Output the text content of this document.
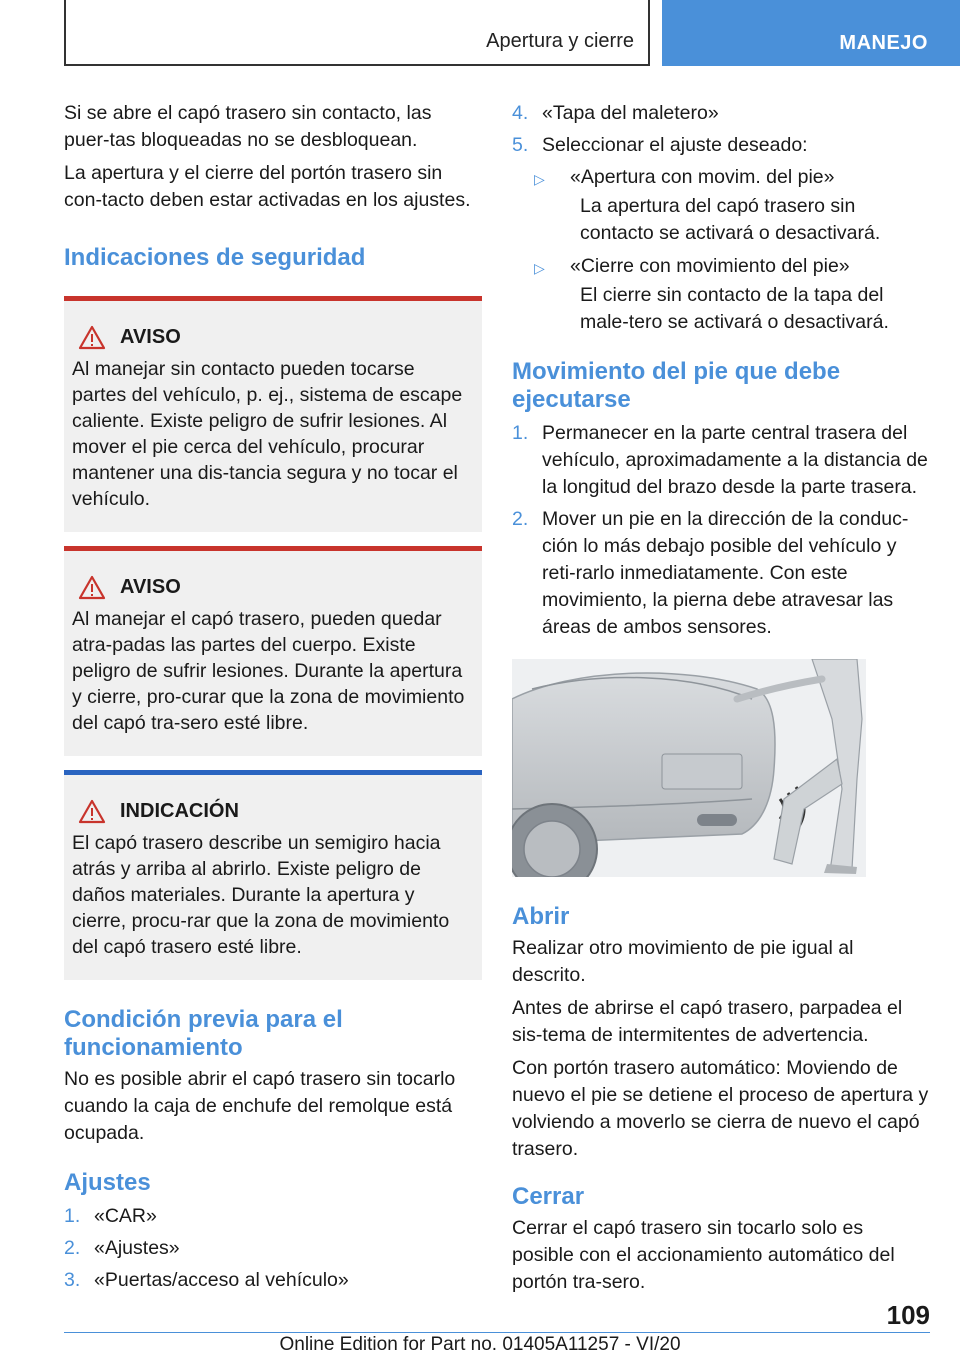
Apertura y cierre	MANEJO

Si se abre el capó trasero sin contacto, las puer‐tas bloqueadas no se desbloquean.

La apertura y el cierre del portón trasero sin con‐tacto deben estar activadas en los ajustes.

Indicaciones de seguridad
AVISO

Al manejar sin contacto pueden tocarse partes del vehículo, p. ej., sistema de escape caliente. Existe peligro de sufrir lesiones. Al mover el pie cerca del vehículo, procurar mantener una dis‐tancia segura y no tocar el vehículo.

AVISO

Al manejar el capó trasero, pueden quedar atra‐padas las partes del cuerpo. Existe peligro de sufrir lesiones. Durante la apertura y cierre, pro‐curar que la zona de movimiento del capó tra‐sero esté libre.

INDICACIÓN

El capó trasero describe un semigiro hacia atrás y arriba al abrirlo. Existe peligro de daños materiales. Durante la apertura y cierre, procu‐rar que la zona de movimiento del capó trasero esté libre.

Condición previa para el funcionamiento

No es posible abrir el capó trasero sin tocarlo cuando la caja de enchufe del remolque está ocupada.

Ajustes
1. «CAR»
2. «Ajustes»
3. «Puertas/acceso al vehículo»
4. «Tapa del maletero»
5. Seleccionar el ajuste deseado:
▷	«Apertura con movim. del pie»
La apertura del capó trasero sin contacto se activará o desactivará.
▷	«Cierre con movimiento del pie»
El cierre sin contacto de la tapa del male‐tero se activará o desactivará.
Movimiento del pie que debe ejecutarse
1. Permanecer en la parte central trasera del vehículo, aproximadamente a la distancia de la longitud del brazo desde la parte trasera.
2. Mover un pie en la dirección de la conduc‐ción lo más debajo posible del vehículo y reti‐rarlo inmediatamente. Con este movimiento, la pierna debe atravesar las áreas de ambos sensores.
Abrir

Realizar otro movimiento de pie igual al descrito.

Antes de abrirse el capó trasero, parpadea el sis‐tema de intermitentes de advertencia.

Con portón trasero automático: Moviendo de nuevo el pie se detiene el proceso de apertura y volviendo a moverlo se cierra de nuevo el capó trasero.

Cerrar

Cerrar el capó trasero sin tocarlo solo es posible con el accionamiento automático del portón tra‐sero.

109
Online Edition for Part no. 01405A11257 - VI/20
